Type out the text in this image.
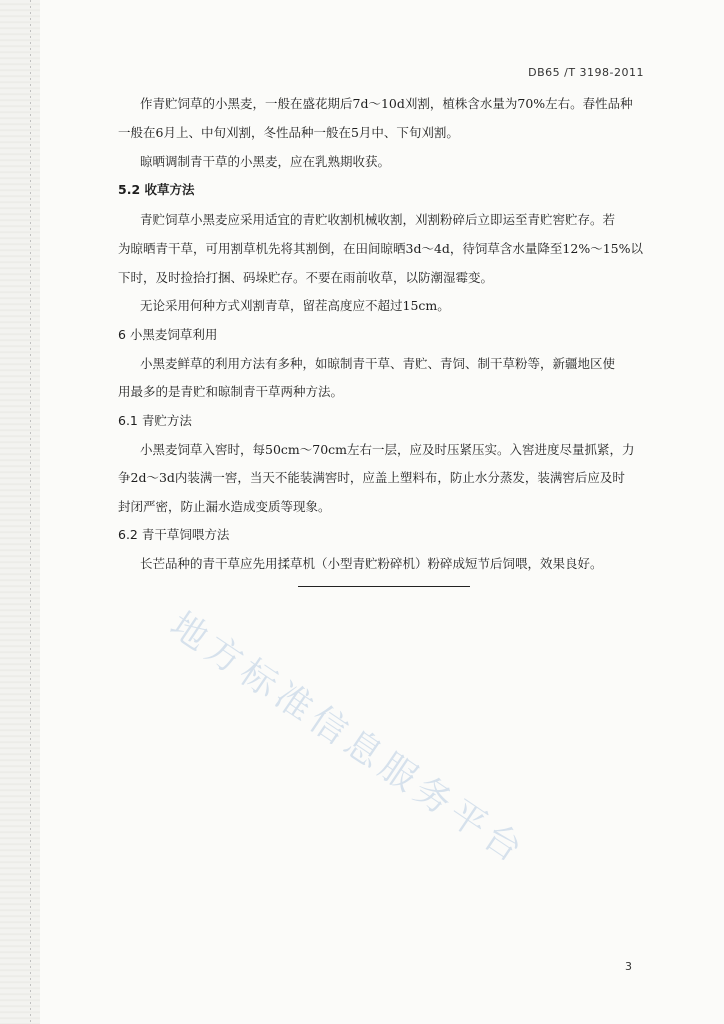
DB65 /T 3198-2011
作青贮饲草的小黑麦，一般在盛花期后7d～10d刈割，植株含水量为70%左右。春性品种
一般在6月上、中旬刈割，冬性品种一般在5月中、下旬刈割。
晾晒调制青干草的小黑麦，应在乳熟期收获。
5.2 收草方法
青贮饲草小黑麦应采用适宜的青贮收割机械收割，刈割粉碎后立即运至青贮窖贮存。若
为晾晒青干草，可用割草机先将其割倒，在田间晾晒3d～4d，待饲草含水量降至12%～15%以
下时，及时捡拾打捆、码垛贮存。不要在雨前收草，以防潮湿霉变。
无论采用何种方式刈割青草，留茬高度应不超过15cm。
6 小黑麦饲草利用
小黑麦鲜草的利用方法有多种，如晾制青干草、青贮、青饲、制干草粉等，新疆地区使
用最多的是青贮和晾制青干草两种方法。
6.1 青贮方法
小黑麦饲草入窖时，每50cm～70cm左右一层，应及时压紧压实。入窖进度尽量抓紧，力
争2d～3d内装满一窖，当天不能装满窖时，应盖上塑料布，防止水分蒸发，装满窖后应及时
封闭严密，防止漏水造成变质等现象。
6.2 青干草饲喂方法
长芒品种的青干草应先用揉草机（小型青贮粉碎机）粉碎成短节后饲喂，效果良好。
地方标准信息服务平台
3
